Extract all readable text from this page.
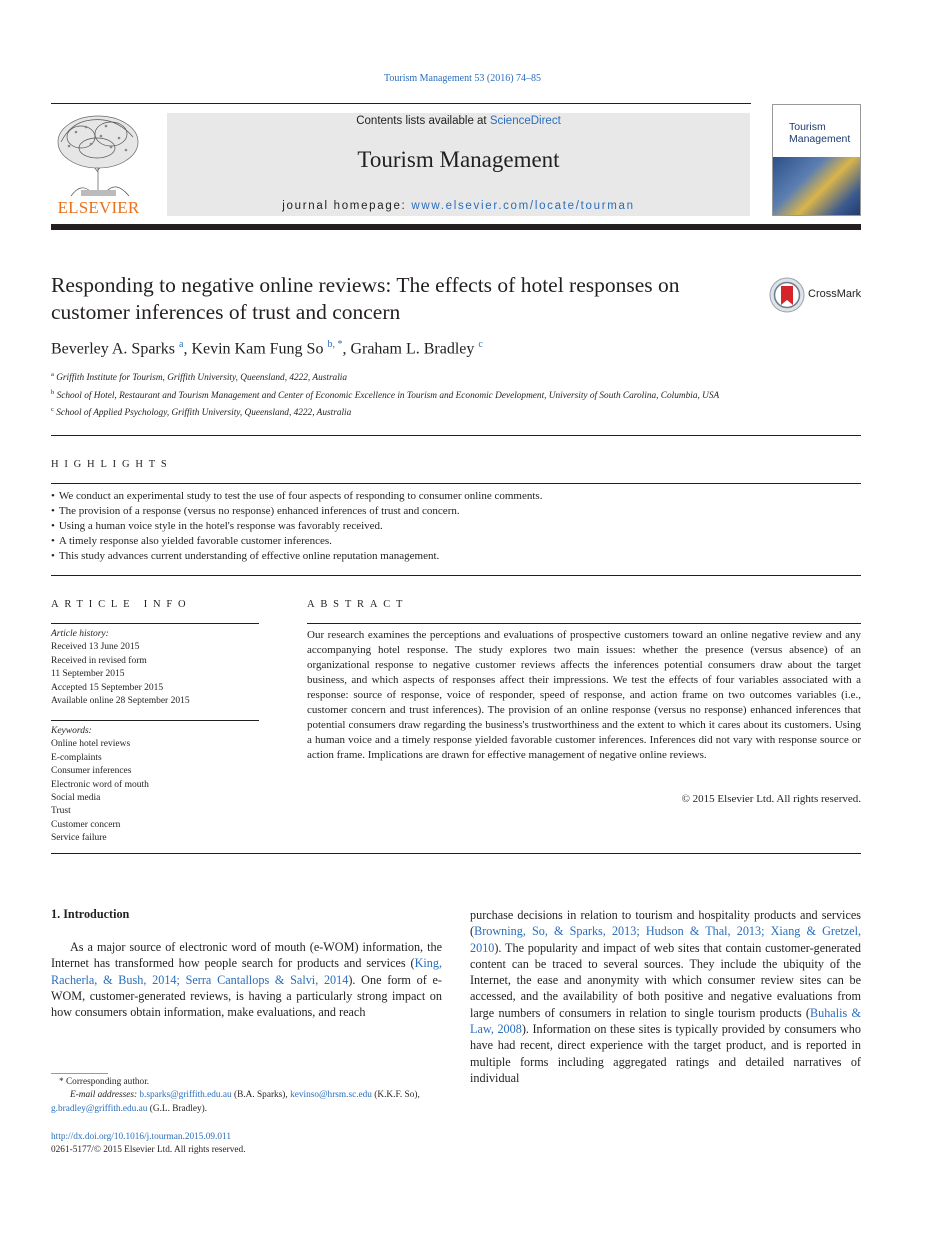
Tourism Management 53 (2016) 74–85
ELSEVIER
Contents lists available at ScienceDirect
Tourism Management
journal homepage: www.elsevier.com/locate/tourman
Tourism
Management
Responding to negative online reviews: The effects of hotel responses on customer inferences of trust and concern
CrossMark
Beverley A. Sparks $^a$, Kevin Kam Fung So $^{b, *}$, Graham L. Bradley $^c$
$^a$ Griffith Institute for Tourism, Griffith University, Queensland, 4222, Australia
$^b$ School of Hotel, Restaurant and Tourism Management and Center of Economic Excellence in Tourism and Economic Development, University of South Carolina, Columbia, USA
$^c$ School of Applied Psychology, Griffith University, Queensland, 4222, Australia
HIGHLIGHTS
• We conduct an experimental study to test the use of four aspects of responding to consumer online comments.
• The provision of a response (versus no response) enhanced inferences of trust and concern.
• Using a human voice style in the hotel's response was favorably received.
• A timely response also yielded favorable customer inferences.
• This study advances current understanding of effective online reputation management.
ARTICLE INFO	ABSTRACT
Article history:
Received 13 June 2015
Received in revised form
11 September 2015
Accepted 15 September 2015
Available online 28 September 2015
Keywords:
Online hotel reviews
E-complaints
Consumer inferences
Electronic word of mouth
Social media
Trust
Customer concern
Service failure

Our research examines the perceptions and evaluations of prospective customers toward an online negative review and any accompanying hotel response. The study explores two main issues: whether the presence (versus absence) of an organizational response to negative customer reviews affects the inferences potential consumers draw about the target business, and which aspects of responses affect their impressions. We test the effects of four variables associated with a response: source of response, voice of responder, speed of response, and action frame on two outcomes variables (i.e., customer concern and trust inferences). The provision of an online response (versus no response) enhanced inferences that potential consumers draw regarding the business's trustworthiness and the extent to which it cares about its customers. Using a human voice and a timely response yielded favorable customer inferences. Inferences did not vary with response source or action frame. Implications are drawn for effective management of negative online reviews.

© 2015 Elsevier Ltd. All rights reserved.
1. Introduction

As a major source of electronic word of mouth (e-WOM) information, the Internet has transformed how people search for products and services (King, Racherla, & Bush, 2014; Serra Cantallops & Salvi, 2014). One form of e-WOM, customer-generated reviews, is having a particularly strong impact on how consumers obtain information, make evaluations, and reach

purchase decisions in relation to tourism and hospitality products and services (Browning, So, & Sparks, 2013; Hudson & Thal, 2013; Xiang & Gretzel, 2010). The popularity and impact of web sites that contain customer-generated content can be traced to several sources. They include the ubiquity of the Internet, the ease and anonymity with which consumer review sites can be accessed, and the availability of both positive and negative evaluations from large numbers of consumers in relation to single tourism products (Buhalis & Law, 2008). Information on these sites is typically provided by consumers who have had recent, direct experience with the target product, and is reported in multiple forms including aggregated ratings and detailed narratives of individual

* Corresponding author.
E-mail addresses: b.sparks@griffith.edu.au (B.A. Sparks), kevinso@hrsm.sc.edu (K.K.F. So), g.bradley@griffith.edu.au (G.L. Bradley).
http://dx.doi.org/10.1016/j.tourman.2015.09.011
0261-5177/© 2015 Elsevier Ltd. All rights reserved.
